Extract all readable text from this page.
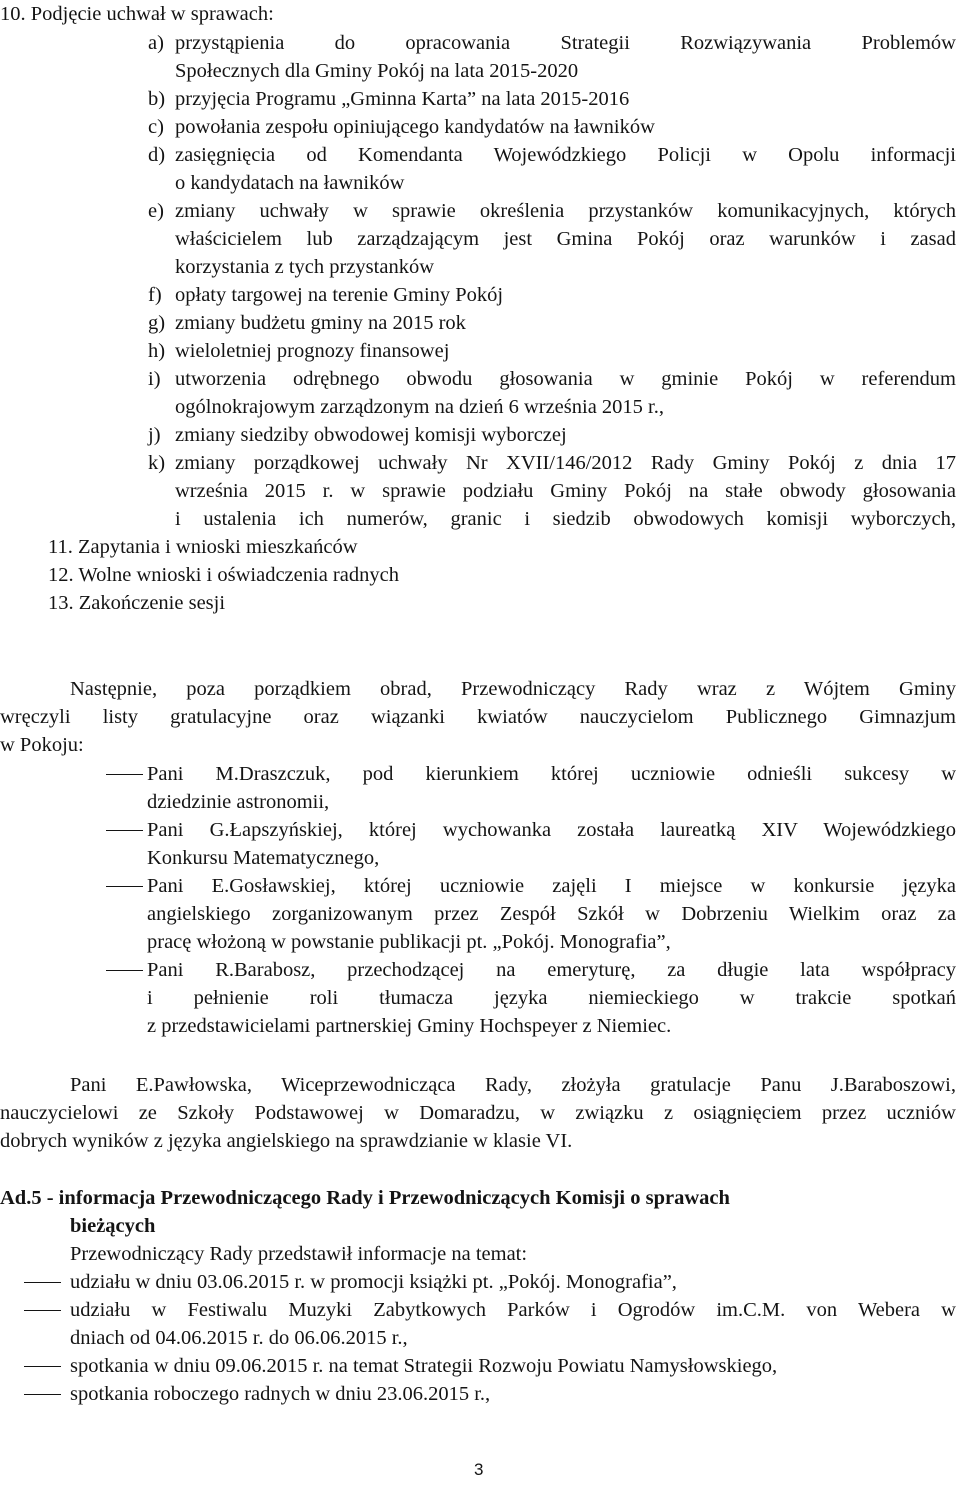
10. Podjęcie uchwał w sprawach:
a) przystąpienia do opracowania Strategii Rozwiązywania Problemów
Społecznych dla Gminy Pokój na lata 2015-2020
b) przyjęcia Programu „Gminna Karta” na lata 2015-2016
c) powołania zespołu opiniującego kandydatów na ławników
d) zasięgnięcia od Komendanta Wojewódzkiego Policji w Opolu informacji
o kandydatach na ławników
e) zmiany uchwały w sprawie określenia przystanków komunikacyjnych, których
właścicielem lub zarządzającym jest Gmina Pokój oraz warunków i zasad
korzystania z tych przystanków
f) opłaty targowej na terenie Gminy Pokój
g) zmiany budżetu gminy na 2015 rok
h) wieloletniej prognozy finansowej
i) utworzenia odrębnego obwodu głosowania w gminie Pokój w referendum
ogólnokrajowym zarządzonym na dzień 6 września 2015 r.,
j) zmiany siedziby obwodowej komisji wyborczej
k) zmiany porządkowej uchwały Nr XVII/146/2012 Rady Gminy Pokój z dnia 17
września 2015 r. w sprawie podziału Gminy Pokój na stałe obwody głosowania
i ustalenia ich numerów, granic i siedzib obwodowych komisji wyborczych,
11. Zapytania i wnioski mieszkańców
12. Wolne wnioski i oświadczenia radnych
13. Zakończenie sesji
Następnie, poza porządkiem obrad, Przewodniczący Rady wraz z Wójtem Gminy
wręczyli listy gratulacyjne oraz wiązanki kwiatów nauczycielom Publicznego Gimnazjum
w Pokoju:
Pani M.Draszczuk, pod kierunkiem której uczniowie odnieśli sukcesy w
dziedzinie astronomii,
Pani G.Łapszyńskiej, której wychowanka została laureatką XIV Wojewódzkiego
Konkursu Matematycznego,
Pani E.Gosławskiej, której uczniowie zajęli I miejsce w konkursie języka
angielskiego zorganizowanym przez Zespół Szkół w Dobrzeniu Wielkim oraz za
pracę włożoną w powstanie publikacji pt. „Pokój. Monografia”,
Pani R.Barabosz, przechodzącej na emeryturę, za długie lata współpracy
i pełnienie roli tłumacza języka niemieckiego w trakcie spotkań
z przedstawicielami partnerskiej Gminy Hochspeyer z Niemiec.
Pani E.Pawłowska, Wiceprzewodnicząca Rady, złożyła gratulacje Panu J.Baraboszowi,
nauczycielowi ze Szkoły Podstawowej w Domaradzu, w związku z osiągnięciem przez uczniów
dobrych wyników z języka angielskiego na sprawdzianie w klasie VI.
Ad.5 - informacja Przewodniczącego Rady i Przewodniczących Komisji o sprawach
bieżących
Przewodniczący Rady przedstawił informacje na temat:
udziału w dniu 03.06.2015 r. w promocji książki pt. „Pokój. Monografia”,
udziału w Festiwalu Muzyki Zabytkowych Parków i Ogrodów im.C.M. von Webera w
dniach od 04.06.2015 r. do 06.06.2015 r.,
spotkania w dniu 09.06.2015 r. na temat Strategii Rozwoju Powiatu Namysłowskiego,
spotkania roboczego radnych w dniu 23.06.2015 r.,
3
